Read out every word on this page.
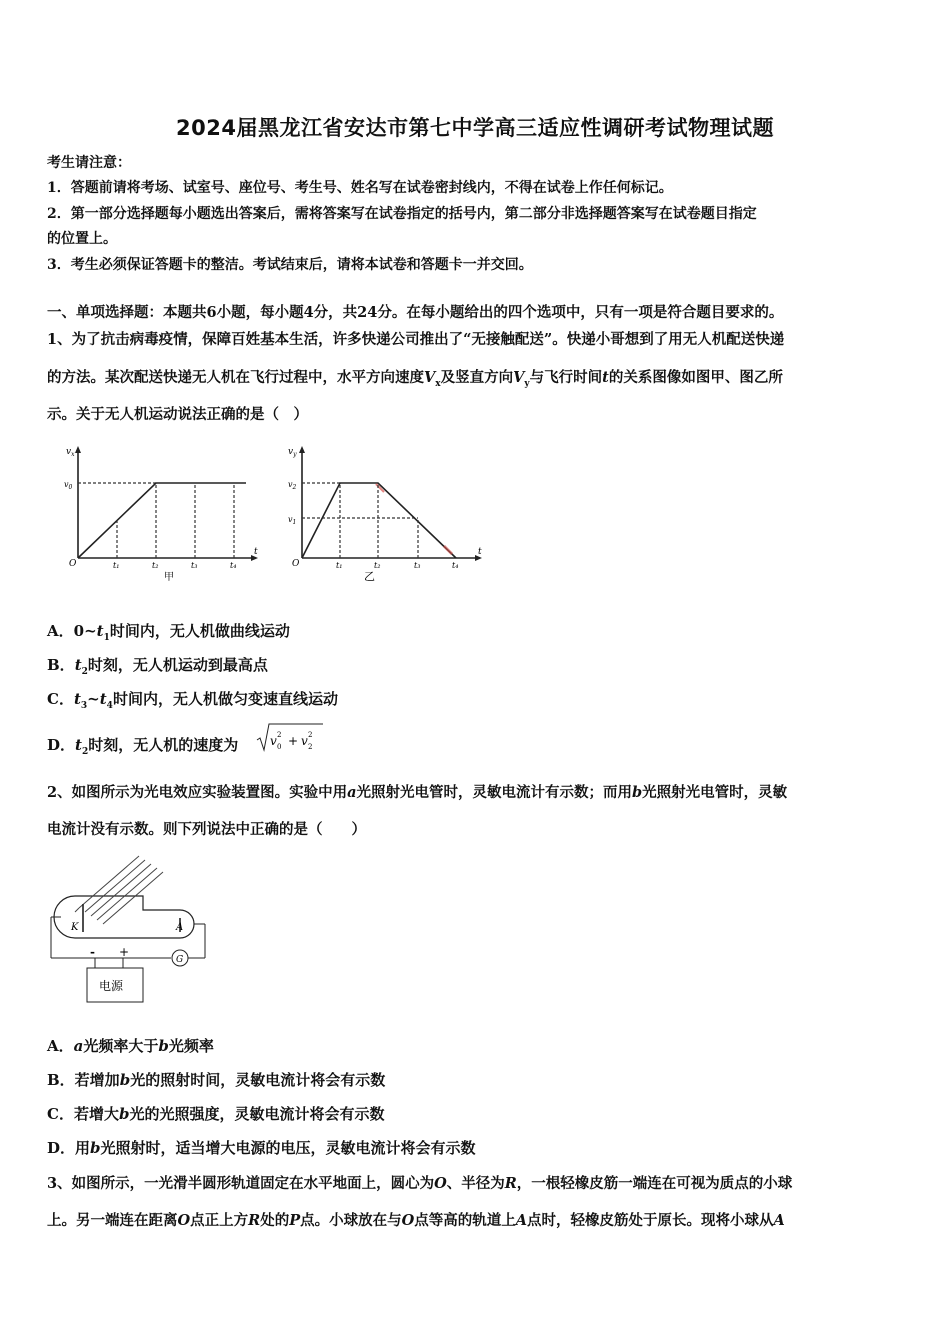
2024届黑龙江省安达市第七中学高三适应性调研考试物理试题
考生请注意：
1．答题前请将考场、试室号、座位号、考生号、姓名写在试卷密封线内，不得在试卷上作任何标记。
2．第一部分选择题每小题选出答案后，需将答案写在试卷指定的括号内，第二部分非选择题答案写在试卷题目指定
的位置上。
3．考生必须保证答题卡的整洁。考试结束后，请将本试卷和答题卡一并交回。
一、单项选择题：本题共6小题，每小题4分，共24分。在每小题给出的四个选项中，只有一项是符合题目要求的。
1、为了抗击病毒疫情，保障百姓基本生活，许多快递公司推出了“无接触配送”。快递小哥想到了用无人机配送快递
的方法。某次配送快递无人机在飞行过程中，水平方向速度$V_x$及竖直方向$V_y$与飞行时间t的关系图像如图甲、图乙所
示。关于无人机运动说法正确的是（　）
$v_x$
$v_0$
O	t₁	t₂	t₃	t₄
t
甲
$v_y$
$v_2$
$v_1$
O	t₁	t₂	t₃	t₄
t
乙
A．$0\sim t_1$时间内，无人机做曲线运动
B．$t_2$时刻，无人机运动到最高点
C．$t_3\sim t_4$时间内，无人机做匀变速直线运动
D．$t_2$时刻，无人机的速度为	v 0
2 + v 2
2
2、如图所示为光电效应实验装置图。实验中用a光照射光电管时，灵敏电流计有示数；而用b光照射光电管时，灵敏
电流计没有示数。则下列说法中正确的是（　　）
K	A
G
- +
电源
A．a光频率大于b光频率
B．若增加b光的照射时间，灵敏电流计将会有示数
C．若增大b光的光照强度，灵敏电流计将会有示数
D．用b光照射时，适当增大电源的电压，灵敏电流计将会有示数
3、如图所示，一光滑半圆形轨道固定在水平地面上，圆心为O、半径为R，一根轻橡皮筋一端连在可视为质点的小球
上。另一端连在距离O点正上方R处的P点。小球放在与O点等高的轨道上A点时，轻橡皮筋处于原长。现将小球从A
